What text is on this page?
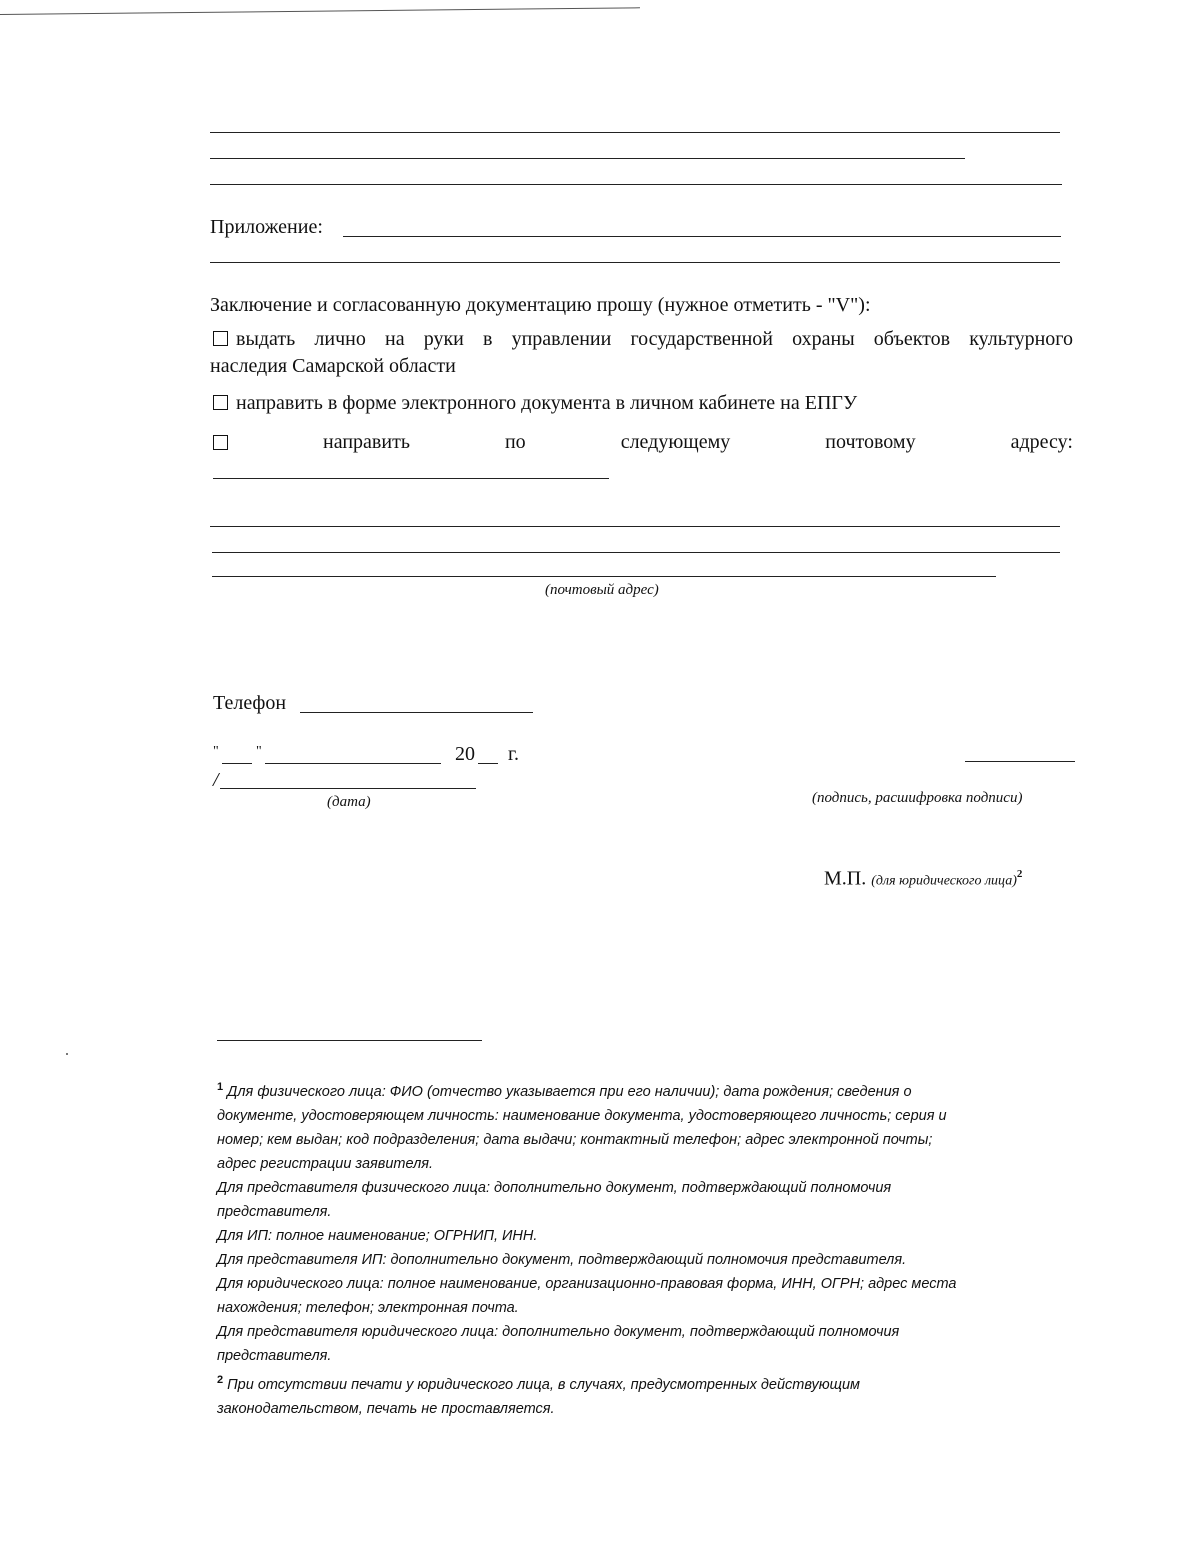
Приложение:
Заключение и согласованную документацию прошу (нужное отметить - "V"):
выдать лично на руки в управлении государственной охраны объектов культурного
наследия Самарской области
направить в форме электронного документа в личном кабинете на ЕПГУ
направить	по	следующему	почтовому	адресу:
(почтовый адрес)
Телефон
"	"	20 г.
/
(дата)	(подпись, расшифровка подписи)
М.П. (для юридического лица)$^2$
$^1$ Для физического лица: ФИО (отчество указывается при его наличии); дата рождения; сведения о
документе, удостоверяющем личность: наименование документа, удостоверяющего личность; серия и
номер; кем выдан; код подразделения; дата выдачи; контактный телефон; адрес электронной почты;
адрес регистрации заявителя.
Для представителя физического лица: дополнительно документ, подтверждающий полномочия
представителя.
Для ИП: полное наименование; ОГРНИП, ИНН.
Для представителя ИП: дополнительно документ, подтверждающий полномочия представителя.
Для юридического лица: полное наименование, организационно-правовая форма, ИНН, ОГРН; адрес места
нахождения; телефон; электронная почта.
Для представителя юридического лица: дополнительно документ, подтверждающий полномочия
представителя.
$^2$ При отсутствии печати у юридического лица, в случаях, предусмотренных действующим
законодательством, печать не проставляется.
